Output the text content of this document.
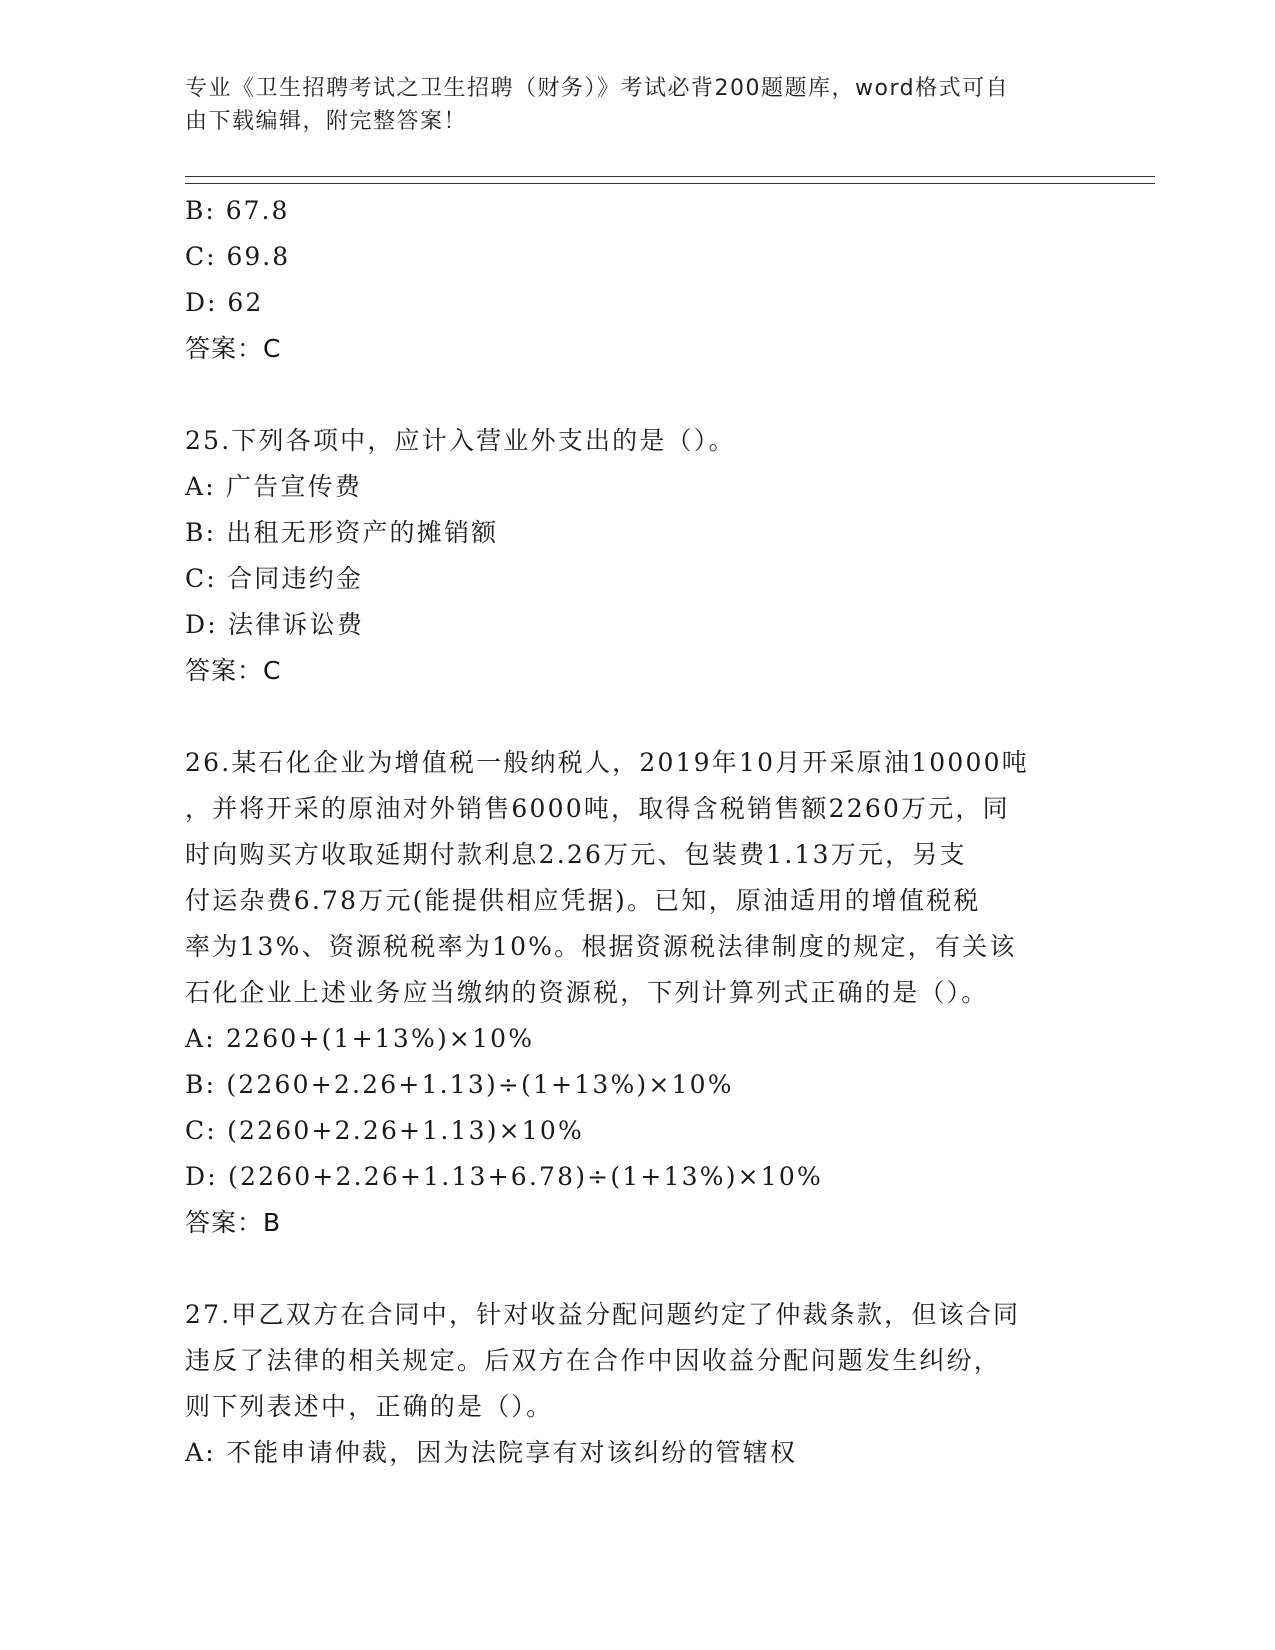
专业《卫生招聘考试之卫生招聘（财务）》考试必背200题题库，word格式可自
由下载编辑，附完整答案！
B: 67.8
C: 69.8
D: 62
答案：C
25.下列各项中，应计入营业外支出的是（）。
A: 广告宣传费
B: 出租无形资产的摊销额
C: 合同违约金
D: 法律诉讼费
答案：C
26.某石化企业为增值税一般纳税人，2019年10月开采原油10000吨
，并将开采的原油对外销售6000吨，取得含税销售额2260万元，同
时向购买方收取延期付款利息2.26万元、包装费1.13万元，另支
付运杂费6.78万元(能提供相应凭据)。已知，原油适用的增值税税
率为13%、资源税税率为10%。根据资源税法律制度的规定，有关该
石化企业上述业务应当缴纳的资源税，下列计算列式正确的是（）。
A: 2260+(1+13%)×10%
B: (2260+2.26+1.13)÷(1+13%)×10%
C: (2260+2.26+1.13)×10%
D: (2260+2.26+1.13+6.78)÷(1+13%)×10%
答案：B
27.甲乙双方在合同中，针对收益分配问题约定了仲裁条款，但该合同
违反了法律的相关规定。后双方在合作中因收益分配问题发生纠纷，
则下列表述中，正确的是（）。
A: 不能申请仲裁，因为法院享有对该纠纷的管辖权
